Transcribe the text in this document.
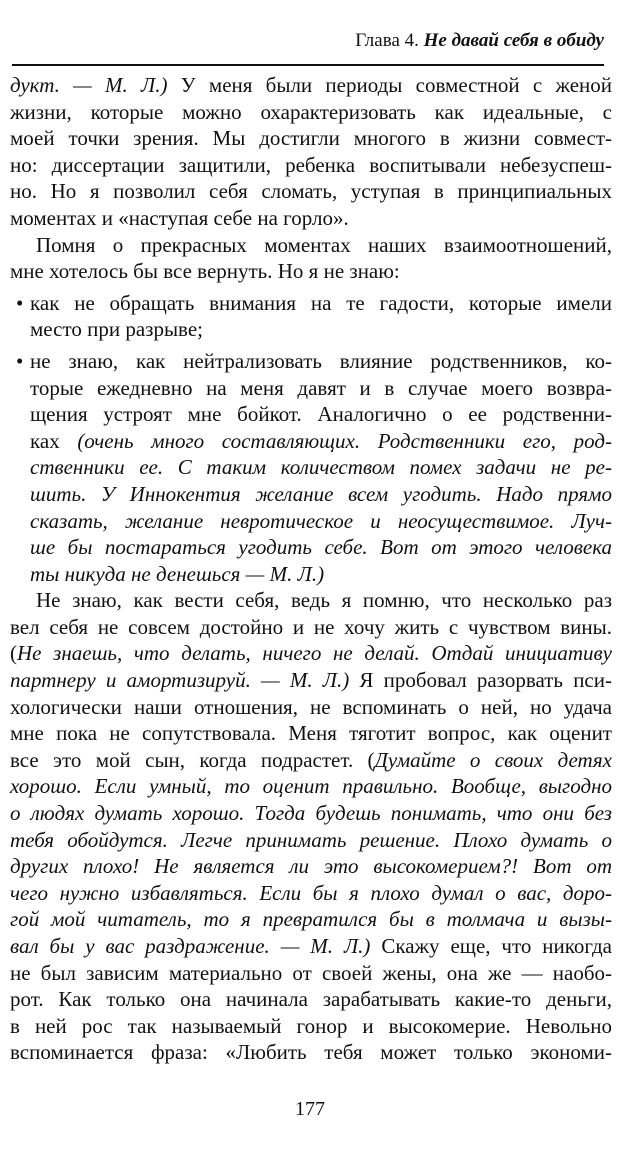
Глава 4. Не давай себя в обиду
дукт. — М. Л.) У меня были периоды совместной с женой
жизни, которые можно охарактеризовать как идеальные, с
моей точки зрения. Мы достигли многого в жизни совмест-
но: диссертации защитили, ребенка воспитывали небезуспеш-
но. Но я позволил себя сломать, уступая в принципиальных
моментах и «наступая себе на горло».
Помня о прекрасных моментах наших взаимоотношений,
мне хотелось бы все вернуть. Но я не знаю:
• как не обращать внимания на те гадости, которые имели
место при разрыве;
• не знаю, как нейтрализовать влияние родственников, ко-
торые ежедневно на меня давят и в случае моего возвра-
щения устроят мне бойкот. Аналогично о ее родственни-
ках (очень много составляющих. Родственники его, род-
ственники ее. С таким количеством помех задачи не ре-
шить. У Иннокентия желание всем угодить. Надо прямо
сказать, желание невротическое и неосуществимое. Луч-
ше бы постараться угодить себе. Вот от этого человека
ты никуда не денешься — М. Л.)
Не знаю, как вести себя, ведь я помню, что несколько раз
вел себя не совсем достойно и не хочу жить с чувством вины.
(Не знаешь, что делать, ничего не делай. Отдай инициативу
партнеру и амортизируй. — М. Л.) Я пробовал разорвать пси-
хологически наши отношения, не вспоминать о ней, но удача
мне пока не сопутствовала. Меня тяготит вопрос, как оценит
все это мой сын, когда подрастет. (Думайте о своих детях
хорошо. Если умный, то оценит правильно. Вообще, выгодно
о людях думать хорошо. Тогда будешь понимать, что они без
тебя обойдутся. Легче принимать решение. Плохо думать о
других плохо! Не является ли это высокомерием?! Вот от
чего нужно избавляться. Если бы я плохо думал о вас, доро-
гой мой читатель, то я превратился бы в толмача и вызы-
вал бы у вас раздражение. — М. Л.) Скажу еще, что никогда
не был зависим материально от своей жены, она же — наобо-
рот. Как только она начинала зарабатывать какие-то деньги,
в ней рос так называемый гонор и высокомерие. Невольно
вспоминается фраза: «Любить тебя может только экономи-
177
